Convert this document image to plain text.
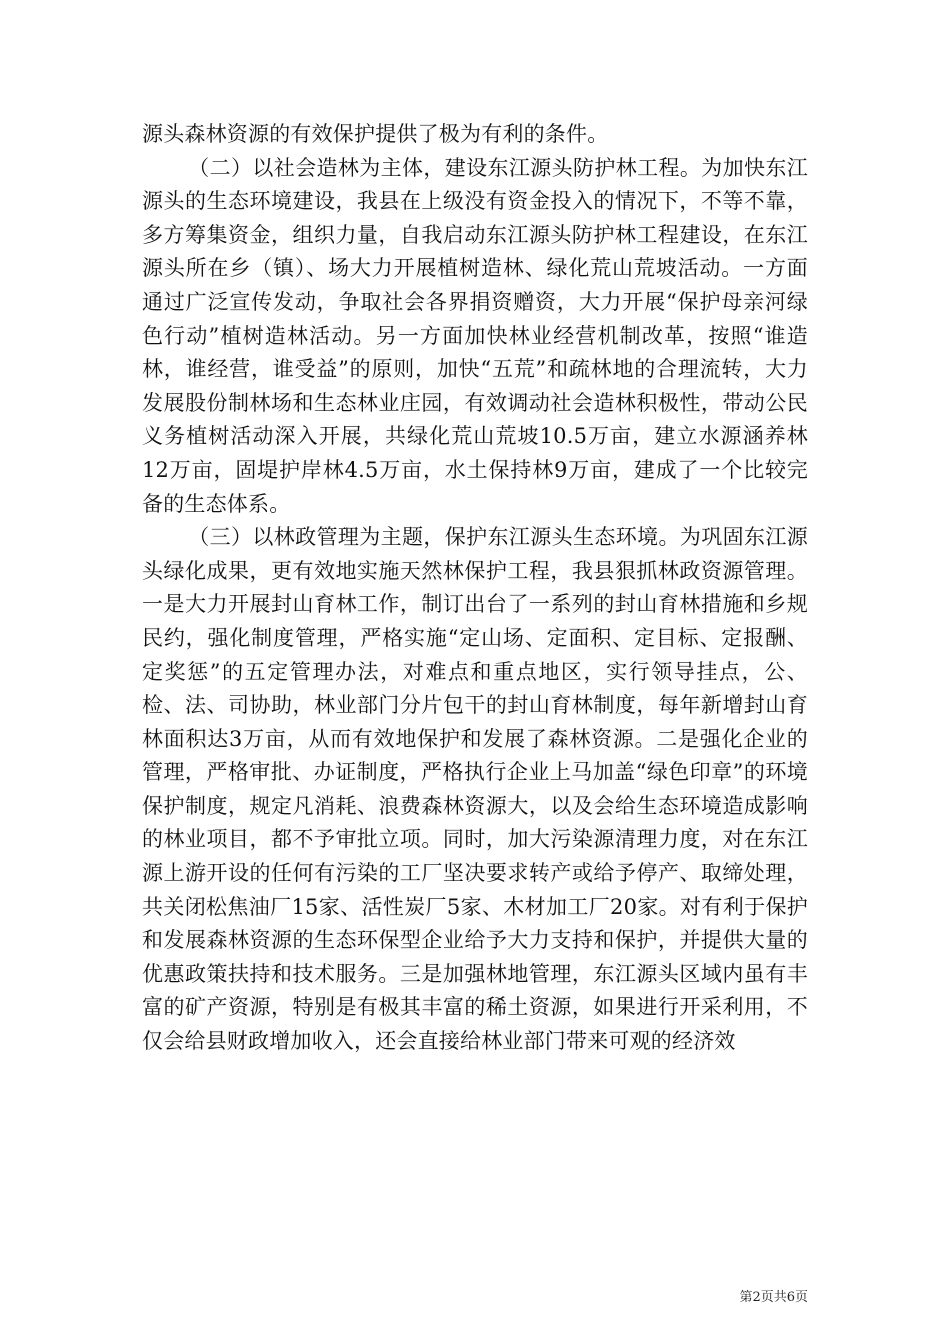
源头森林资源的有效保护提供了极为有利的条件。

（二）以社会造林为主体，建设东江源头防护林工程。为加快东江源头的生态环境建设，我县在上级没有资金投入的情况下，不等不靠，多方筹集资金，组织力量，自我启动东江源头防护林工程建设，在东江源头所在乡（镇）、场大力开展植树造林、绿化荒山荒坡活动。一方面通过广泛宣传发动，争取社会各界捐资赠资，大力开展“保护母亲河绿色行动”植树造林活动。另一方面加快林业经营机制改革，按照“谁造林，谁经营，谁受益”的原则，加快“五荒”和疏林地的合理流转，大力发展股份制林场和生态林业庄园，有效调动社会造林积极性，带动公民义务植树活动深入开展，共绿化荒山荒坡10.5万亩，建立水源涵养林12万亩，固堤护岸林4.5万亩，水土保持林9万亩，建成了一个比较完备的生态体系。

（三）以林政管理为主题，保护东江源头生态环境。为巩固东江源头绿化成果，更有效地实施天然林保护工程，我县狠抓林政资源管理。一是大力开展封山育林工作，制订出台了一系列的封山育林措施和乡规民约，强化制度管理，严格实施“定山场、定面积、定目标、定报酬、定奖惩”的五定管理办法，对难点和重点地区，实行领导挂点，公、检、法、司协助，林业部门分片包干的封山育林制度，每年新增封山育林面积达3万亩，从而有效地保护和发展了森林资源。二是强化企业的管理，严格审批、办证制度，严格执行企业上马加盖“绿色印章”的环境保护制度，规定凡消耗、浪费森林资源大，以及会给生态环境造成影响的林业项目，都不予审批立项。同时，加大污染源清理力度，对在东江源上游开设的任何有污染的工厂坚决要求转产或给予停产、取缔处理，共关闭松焦油厂15家、活性炭厂5家、木材加工厂20家。对有利于保护和发展森林资源的生态环保型企业给予大力支持和保护，并提供大量的优惠政策扶持和技术服务。三是加强林地管理，东江源头区域内虽有丰富的矿产资源，特别是有极其丰富的稀土资源，如果进行开采利用，不仅会给县财政增加收入，还会直接给林业部门带来可观的经济效

第2页共6页
